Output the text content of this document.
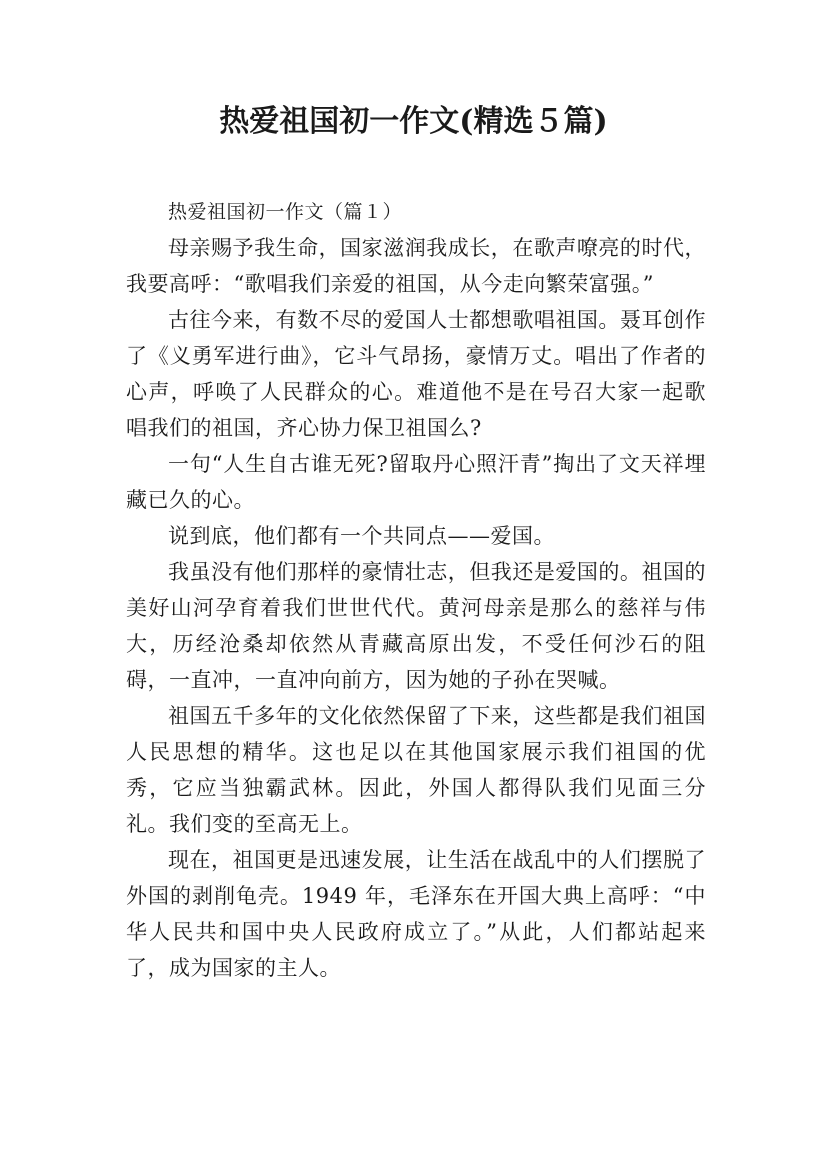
热爱祖国初一作文(精选５篇)

热爱祖国初一作文（篇１）

母亲赐予我生命，国家滋润我成长，在歌声嘹亮的时代，我要高呼：“歌唱我们亲爱的祖国，从今走向繁荣富强。”

古往今来，有数不尽的爱国人士都想歌唱祖国。聂耳创作了《义勇军进行曲》，它斗气昂扬，豪情万丈。唱出了作者的心声，呼唤了人民群众的心。难道他不是在号召大家一起歌唱我们的祖国，齐心协力保卫祖国么?

一句“人生自古谁无死?留取丹心照汗青”掏出了文天祥埋藏已久的心。

说到底，他们都有一个共同点——爱国。

我虽没有他们那样的豪情壮志，但我还是爱国的。祖国的美好山河孕育着我们世世代代。黄河母亲是那么的慈祥与伟大，历经沧桑却依然从青藏高原出发，不受任何沙石的阻碍，一直冲，一直冲向前方，因为她的子孙在哭喊。

祖国五千多年的文化依然保留了下来，这些都是我们祖国人民思想的精华。这也足以在其他国家展示我们祖国的优秀，它应当独霸武林。因此，外国人都得队我们见面三分礼。我们变的至高无上。

现在，祖国更是迅速发展，让生活在战乱中的人们摆脱了外国的剥削龟壳。1949 年，毛泽东在开国大典上高呼：“中华人民共和国中央人民政府成立了。”从此，人们都站起来了，成为国家的主人。
